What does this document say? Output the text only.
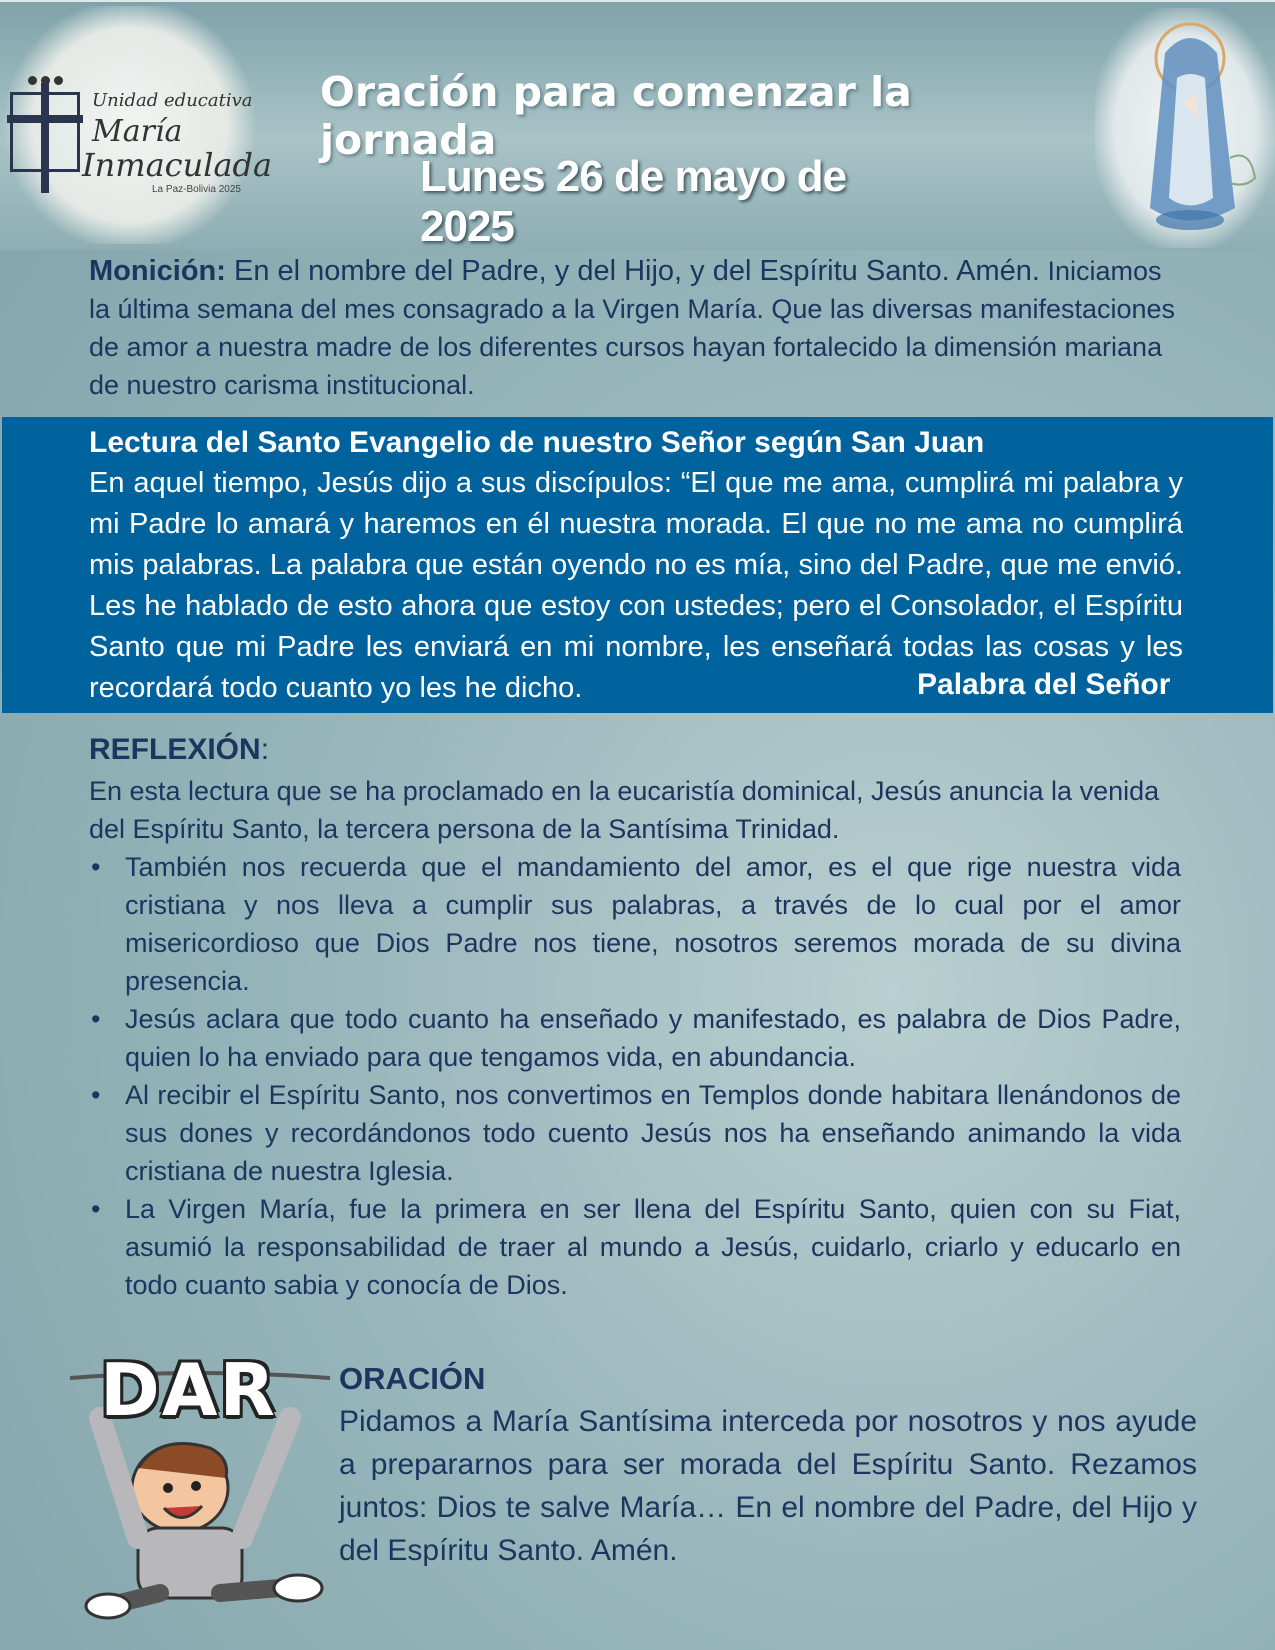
Unidad educativa
María
Inmaculada
La Paz-Bolivia 2025
Oración para comenzar la jornada
Lunes 26 de mayo de 2025
Monición: En el nombre del Padre, y del Hijo, y del Espíritu Santo. Amén. Iniciamos la última semana del mes consagrado a la Virgen María. Que las diversas manifestaciones de amor a nuestra madre de los diferentes cursos hayan fortalecido la dimensión mariana de nuestro carisma institucional.
Lectura del Santo Evangelio de nuestro Señor según San Juan
En aquel tiempo, Jesús dijo a sus discípulos: “El que me ama, cumplirá mi palabra y mi Padre lo amará y haremos en él nuestra morada. El que no me ama no cumplirá mis palabras. La palabra que están oyendo no es mía, sino del Padre, que me envió. Les he hablado de esto ahora que estoy con ustedes; pero el Consolador, el Espíritu Santo que mi Padre les enviará en mi nombre, les enseñará todas las cosas y les recordará todo cuanto yo les he dicho.	Palabra del Señor
REFLEXIÓN:
En esta lectura que se ha proclamado en la eucaristía dominical, Jesús anuncia la venida del Espíritu Santo, la tercera persona de la Santísima Trinidad.
• También nos recuerda que el mandamiento del amor, es el que rige nuestra vida cristiana y nos lleva a cumplir sus palabras, a través de lo cual por el amor misericordioso que Dios Padre nos tiene, nosotros seremos morada de su divina presencia.
• Jesús aclara que todo cuanto ha enseñado y manifestado, es palabra de Dios Padre, quien lo ha enviado para que tengamos vida, en abundancia.
• Al recibir el Espíritu Santo, nos convertimos en Templos donde habitara llenándonos de sus dones y recordándonos todo cuento Jesús nos ha enseñando animando la vida cristiana de nuestra Iglesia.
• La Virgen María, fue la primera en ser llena del Espíritu Santo, quien con su Fiat, asumió la responsabilidad de traer al mundo a Jesús, cuidarlo, criarlo y educarlo en todo cuanto sabia y conocía de Dios.
DAR ORACIÓN
Pidamos a María Santísima interceda por nosotros y nos ayude a prepararnos para ser morada del Espíritu Santo. Rezamos juntos: Dios te salve María… En el nombre del Padre, del Hijo y del Espíritu Santo. Amén.
